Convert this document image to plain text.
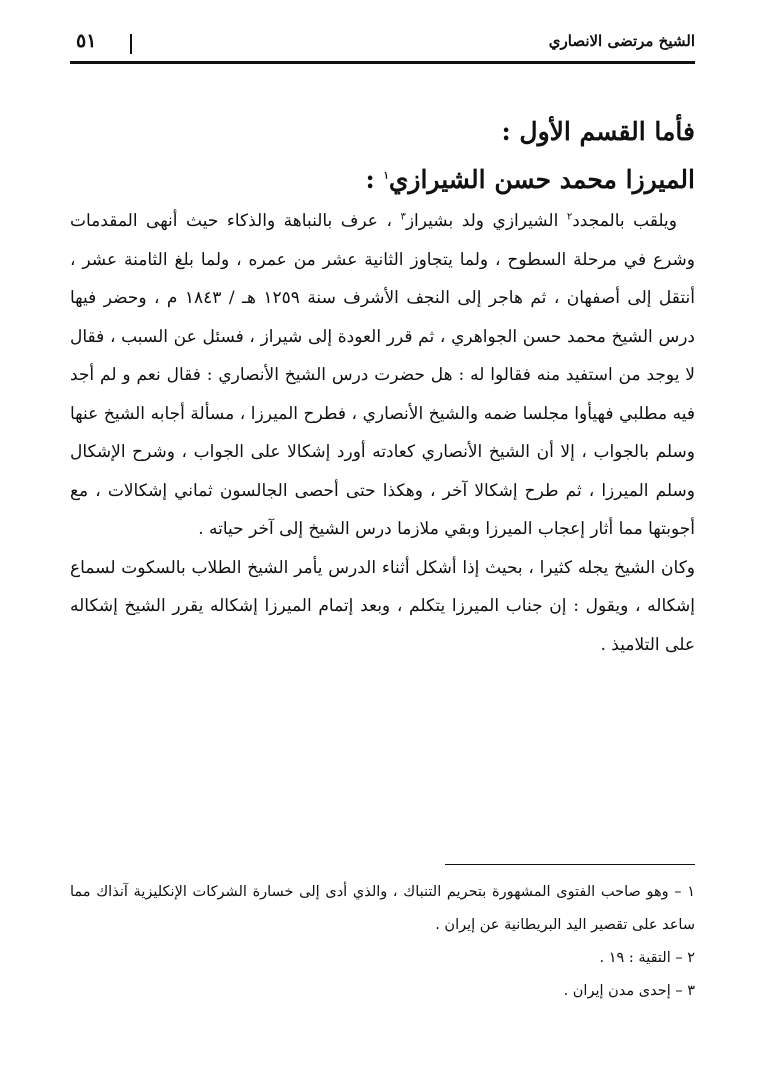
الشيخ مرتضى الانصاري
٥١
فأما القسم الأول :
الميرزا محمد حسن الشيرازي$^١$ :

ويلقب بالمجدد$^٢$ الشيرازي ولد بشيراز$^٣$ ، عرف بالنباهة والذكاء حيث أنهى المقدمات وشرع في مرحلة السطوح ، ولما يتجاوز الثانية عشر من عمره ، ولما بلغ الثامنة عشر ، أنتقل إلى أصفهان ، ثم هاجر إلى النجف الأشرف سنة ١٢٥٩ هـ / ١٨٤٣ م ، وحضر فيها درس الشيخ محمد حسن الجواهري ، ثم قرر العودة إلى شيراز ، فسئل عن السبب ، فقال لا يوجد من استفيد منه فقالوا له : هل حضرت درس الشيخ الأنصاري : فقال نعم و لم أجد فيه مطلبي فهيأوا مجلسا ضمه والشيخ الأنصاري ، فطرح الميرزا ، مسألة أجابه الشيخ عنها وسلم بالجواب ، إلا أن الشيخ الأنصاري كعادته أورد إشكالا على الجواب ، وشرح الإشكال وسلم الميرزا ، ثم طرح إشكالا آخر ، وهكذا حتى أحصى الجالسون ثماني إشكالات ، مع أجوبتها مما أثار إعجاب الميرزا وبقي ملازما درس الشيخ إلى آخر حياته .

وكان الشيخ يجله كثيرا ، بحيث إذا أشكل أثناء الدرس يأمر الشيخ الطلاب بالسكوت لسماع إشكاله ، ويقول : إن جناب الميرزا يتكلم ، وبعد إتمام الميرزا إشكاله يقرر الشيخ إشكاله على التلاميذ .

١ – وهو صاحب الفتوى المشهورة بتحريم التنباك ، والذي أدى إلى خسارة الشركات الإنكليزية آنذاك مما ساعد على تقصير اليد البريطانية عن إيران .

٢ – التقية : ١٩ .

٣ – إحدى مدن إيران .
